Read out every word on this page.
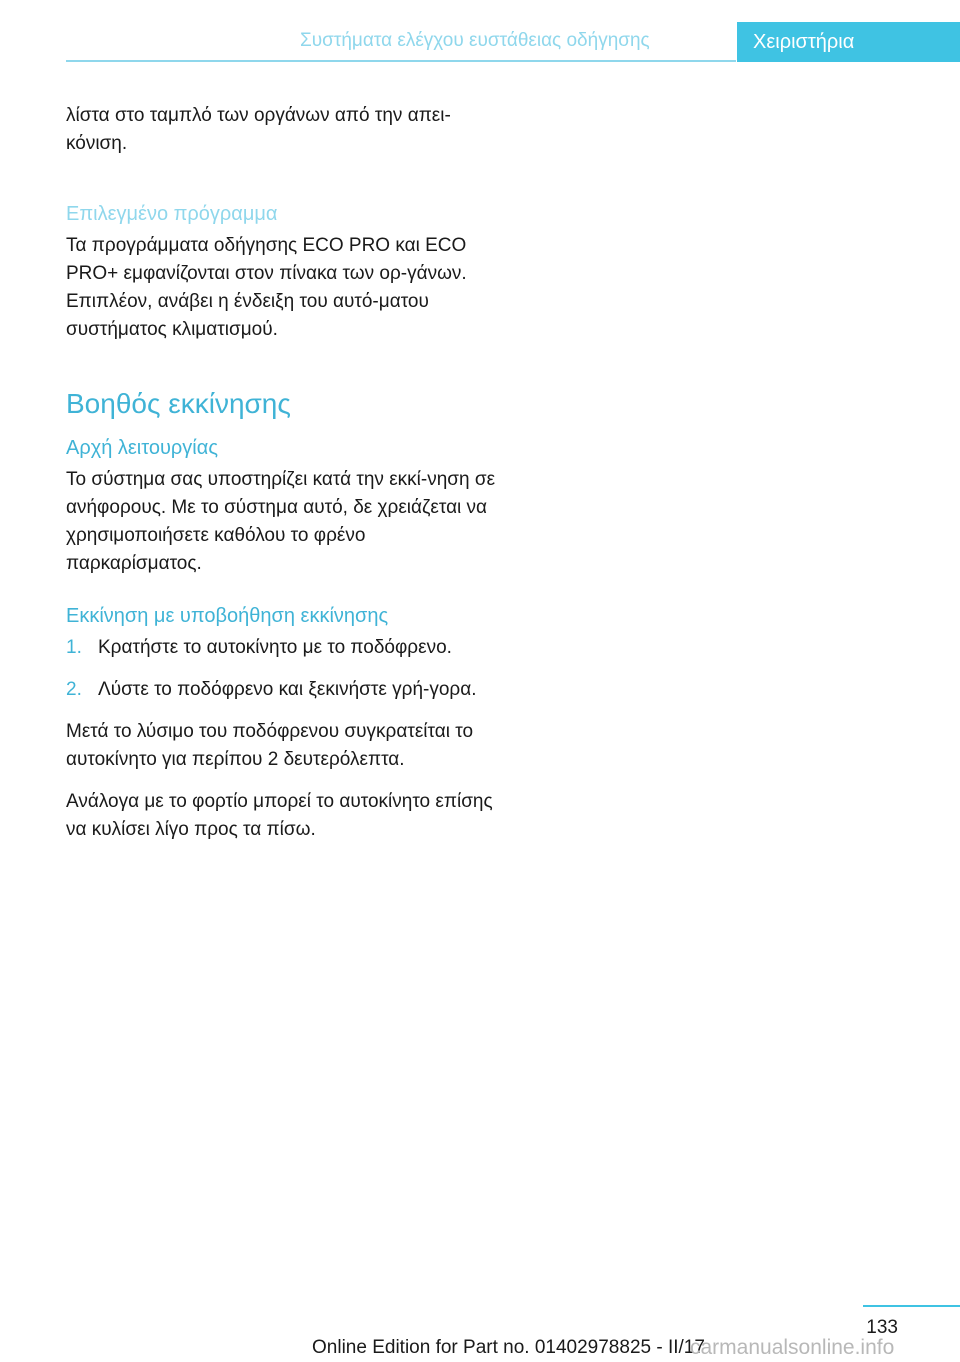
Συστήματα ελέγχου ευστάθειας οδήγησης	Χειριστήρια

λίστα στο ταμπλό των οργάνων από την απει-κόνιση.

Επιλεγμένο πρόγραμμα

Τα προγράμματα οδήγησης ECO PRO και ECO PRO+ εμφανίζονται στον πίνακα των ορ-γάνων. Επιπλέον, ανάβει η ένδειξη του αυτό-ματου συστήματος κλιματισμού.

Βοηθός εκκίνησης
Αρχή λειτουργίας

Το σύστημα σας υποστηρίζει κατά την εκκί-νηση σε ανήφορους. Με το σύστημα αυτό, δε χρειάζεται να χρησιμοποιήσετε καθόλου το φρένο παρκαρίσματος.

Εκκίνηση με υποβοήθηση εκκίνησης
1. Κρατήστε το αυτοκίνητο με το ποδόφρενο.
2. Λύστε το ποδόφρενο και ξεκινήστε γρή-γορα.

Μετά το λύσιμο του ποδόφρενου συγκρατείται το αυτοκίνητο για περίπου 2 δευτερόλεπτα.

Ανάλογα με το φορτίο μπορεί το αυτοκίνητο επίσης να κυλίσει λίγο προς τα πίσω.

133
Online Edition for Part no. 01402978825 - II/17
carmanualsonline.info
